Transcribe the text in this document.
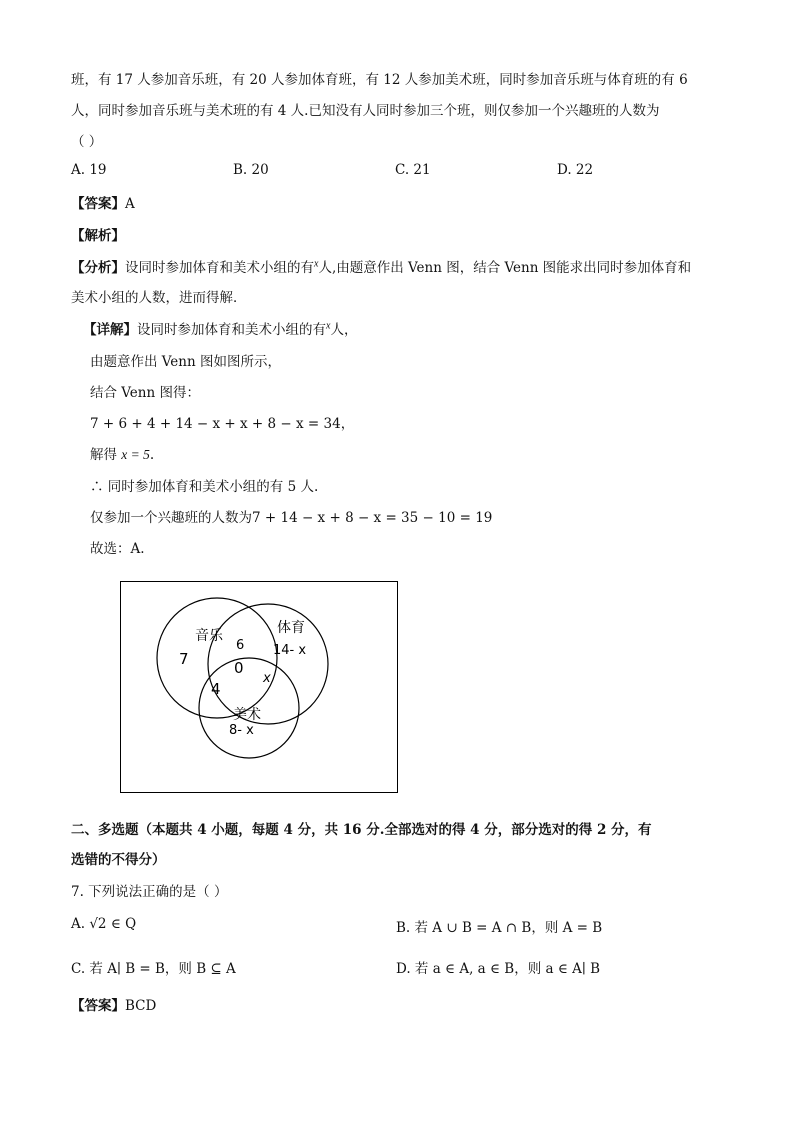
班，有 17 人参加音乐班，有 20 人参加体育班，有 12 人参加美术班，同时参加音乐班与体育班的有 6
人，同时参加音乐班与美术班的有 4 人.已知没有人同时参加三个班，则仅参加一个兴趣班的人数为
（ ）
A. 19	B. 20	C. 21	D. 22
【答案】A
【解析】
【分析】设同时参加体育和美术小组的有$^x$人,由题意作出 Venn 图，结合 Venn 图能求出同时参加体育和
美术小组的人数，进而得解．
【详解】设同时参加体育和美术小组的有$^x$人，
由题意作出 Venn 图如图所示，
结合 Venn 图得：
7 + 6 + 4 + 14 − x + x + 8 − x = 34，
解得 x = 5.
∴ 同时参加体育和美术小组的有 5 人.
仅参加一个兴趣班的人数为7 + 14 − x + 8 − x = 35 − 10 = 19
故选：A.
音乐	体育
美术
7
6
0
4
x
14- x
8- x
二、多选题（本题共 4 小题，每题 4 分，共 16 分.全部选对的得 4 分，部分选对的得 2 分，有
选错的不得分）
7. 下列说法正确的是（ ）
A. √2 ∈ Q	B. 若 A ∪ B = A ∩ B，则 A = B
C. 若 A∣ B = B，则 B ⊆ A	D. 若 a ∈ A, a ∈ B，则 a ∈ A∣ B
【答案】BCD
